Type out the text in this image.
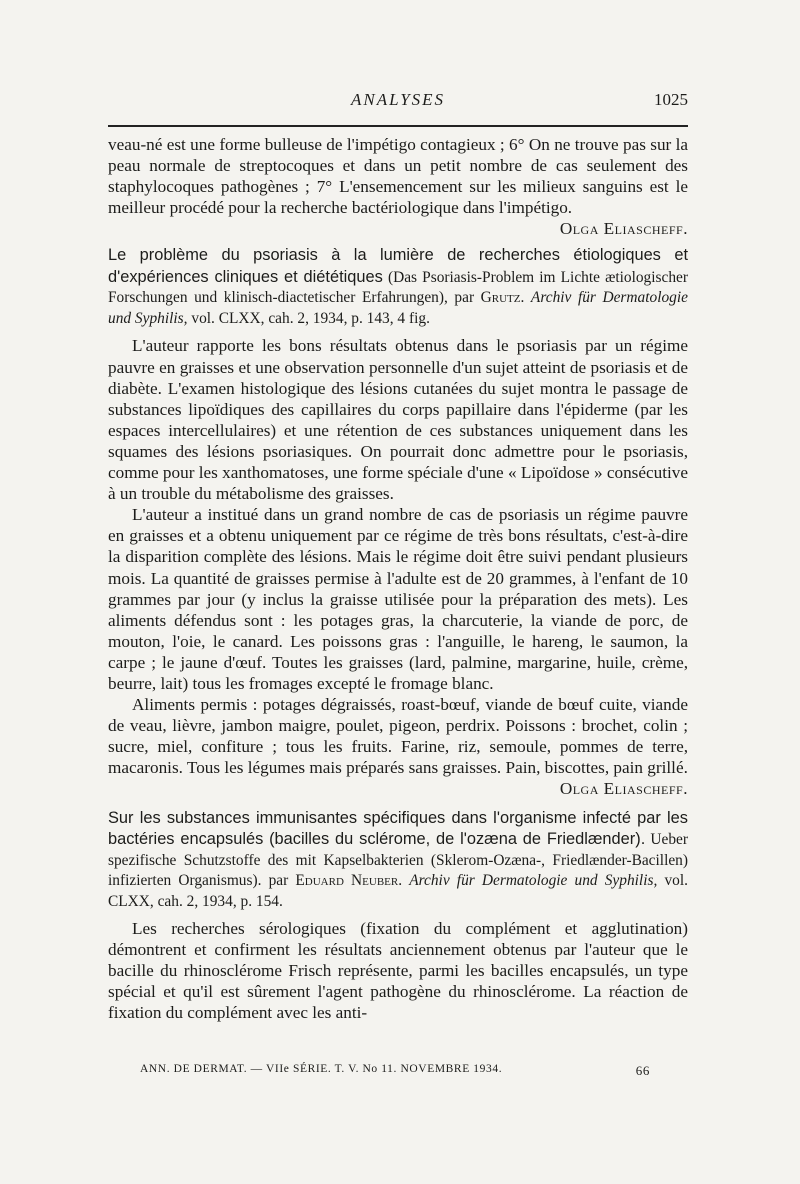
ANALYSES	1025

veau-né est une forme bulleuse de l'impétigo contagieux ; 6° On ne trouve pas sur la peau normale de streptocoques et dans un petit nombre de cas seulement des staphylocoques pathogènes ; 7° L'ensemencement sur les milieux sanguins est le meilleur procédé pour la recherche bactériologique dans l'impétigo.
Olga Eliascheff.

Le problème du psoriasis à la lumière de recherches étiologiques et d'expériences cliniques et diététiques (Das Psoriasis-Problem im Lichte ætiologischer Forschungen und klinisch-diactetischer Erfahrungen), par Grutz. Archiv für Dermatologie und Syphilis, vol. CLXX, cah. 2, 1934, p. 143, 4 fig.

L'auteur rapporte les bons résultats obtenus dans le psoriasis par un régime pauvre en graisses et une observation personnelle d'un sujet atteint de psoriasis et de diabète. L'examen histologique des lésions cutanées du sujet montra le passage de substances lipoïdiques des capillaires du corps papillaire dans l'épiderme (par les espaces intercellulaires) et une rétention de ces substances uniquement dans les squames des lésions psoriasiques. On pourrait donc admettre pour le psoriasis, comme pour les xanthomatoses, une forme spéciale d'une « Lipoïdose » consécutive à un trouble du métabolisme des graisses.

L'auteur a institué dans un grand nombre de cas de psoriasis un régime pauvre en graisses et a obtenu uniquement par ce régime de très bons résultats, c'est-à-dire la disparition complète des lésions. Mais le régime doit être suivi pendant plusieurs mois. La quantité de graisses permise à l'adulte est de 20 grammes, à l'enfant de 10 grammes par jour (y inclus la graisse utilisée pour la préparation des mets). Les aliments défendus sont : les potages gras, la charcuterie, la viande de porc, de mouton, l'oie, le canard. Les poissons gras : l'anguille, le hareng, le saumon, la carpe ; le jaune d'œuf. Toutes les graisses (lard, palmine, margarine, huile, crème, beurre, lait) tous les fromages excepté le fromage blanc.

Aliments permis : potages dégraissés, roast-bœuf, viande de bœuf cuite, viande de veau, lièvre, jambon maigre, poulet, pigeon, perdrix. Poissons : brochet, colin ; sucre, miel, confiture ; tous les fruits. Farine, riz, semoule, pommes de terre, macaronis. Tous les légumes mais préparés sans graisses. Pain, biscottes, pain grillé.
Olga Eliascheff.

Sur les substances immunisantes spécifiques dans l'organisme infecté par les bactéries encapsulés (bacilles du sclérome, de l'ozæna de Friedlænder). Ueber spezifische Schutzstoffe des mit Kapselbakterien (Sklerom-Ozæna-, Friedlænder-Bacillen) infizierten Organismus). par Eduard Neuber. Archiv für Dermatologie und Syphilis, vol. CLXX, cah. 2, 1934, p. 154.

Les recherches sérologiques (fixation du complément et agglutination) démontrent et confirment les résultats anciennement obtenus par l'auteur que le bacille du rhinosclérome Frisch représente, parmi les bacilles encapsulés, un type spécial et qu'il est sûrement l'agent pathogène du rhinosclérome. La réaction de fixation du complément avec les anti-

ANN. DE DERMAT. — VIIe SÉRIE. T. V. No 11. NOVEMBRE 1934.	66
